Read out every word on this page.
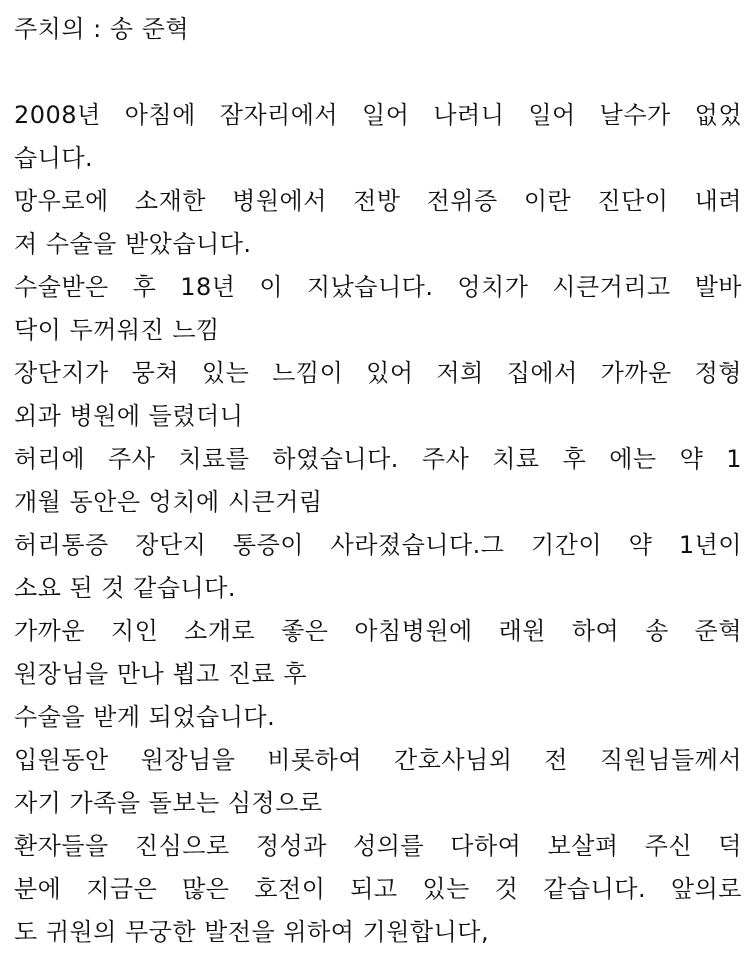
주치의 : 송 준혁
2008년 아침에 잠자리에서 일어 나려니 일어 날수가 없었
습니다.
망우로에 소재한 병원에서 전방 전위증 이란 진단이 내려
져 수술을 받았습니다.
수술받은 후 18년 이 지났습니다. 엉치가 시큰거리고 발바
닥이 두꺼워진 느낌
장단지가 뭉쳐 있는 느낌이 있어 저희 집에서 가까운 정형
외과 병원에 들렸더니
허리에 주사 치료를 하였습니다. 주사 치료 후 에는 약 1
개월 동안은 엉치에 시큰거림
허리통증 장단지 통증이 사라졌습니다.그 기간이 약 1년이
소요 된 것 같습니다.
가까운 지인 소개로 좋은 아침병원에 래원 하여 송 준혁
원장님을 만나 뵙고 진료 후
수술을 받게 되었습니다.
입원동안 원장님을 비롯하여 간호사님외 전 직원님들께서
자기 가족을 돌보는 심정으로
환자들을 진심으로 정성과 성의를 다하여 보살펴 주신 덕
분에 지금은 많은 호전이 되고 있는 것 같습니다. 앞의로
도 귀원의 무궁한 발전을 위하여 기원합니다,
